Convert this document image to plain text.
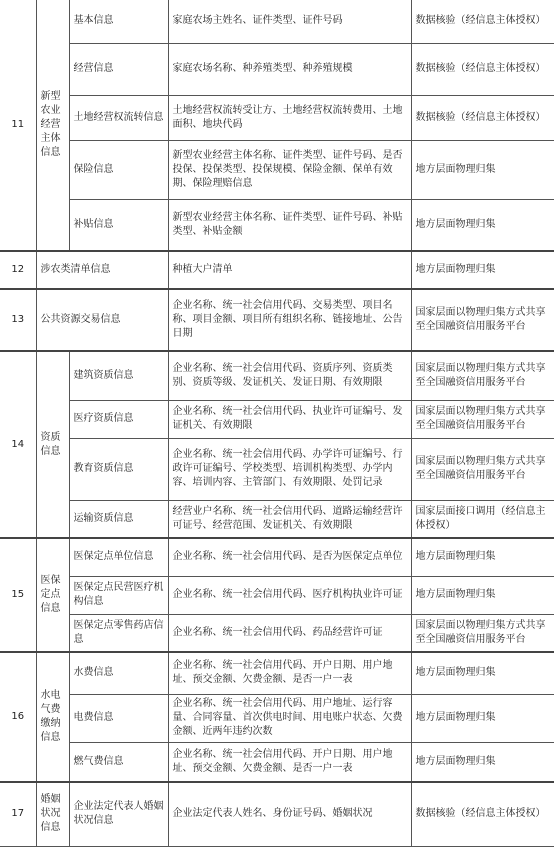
11	新型农业经营主体信息	基本信息	家庭农场主姓名、证件类型、证件号码	数据核验（经信息主体授权）
		经营信息	家庭农场名称、种养殖类型、种养殖规模	数据核验（经信息主体授权）
		土地经营权流转信息	土地经营权流转受让方、土地经营权流转费用、土地面积、地块代码	数据核验（经信息主体授权）
		保险信息	新型农业经营主体名称、证件类型、证件号码、是否投保、投保类型、投保规模、保险金额、保单有效期、保险理赔信息	地方层面物理归集
		补贴信息	新型农业经营主体名称、证件类型、证件号码、补贴类型、补贴金额	地方层面物理归集
12	涉农类清单信息		种植大户清单	地方层面物理归集
13	公共资源交易信息		企业名称、统一社会信用代码、交易类型、项目名称、项目金额、项目所有组织名称、链接地址、公告日期	国家层面以物理归集方式共享至全国融资信用服务平台
14	资质信息	建筑资质信息	企业名称、统一社会信用代码、资质序列、资质类别、资质等级、发证机关、发证日期、有效期限	国家层面以物理归集方式共享至全国融资信用服务平台
		医疗资质信息	企业名称、统一社会信用代码、执业许可证编号、发证机关、有效期限	国家层面以物理归集方式共享至全国融资信用服务平台
		教育资质信息	企业名称、统一社会信用代码、办学许可证编号、行政许可证编号、学校类型、培训机构类型、办学内容、培训内容、主管部门、有效期限、处罚记录	国家层面以物理归集方式共享至全国融资信用服务平台
		运输资质信息	经营业户名称、统一社会信用代码、道路运输经营许可证号、经营范围、发证机关、有效期限	国家层面接口调用（经信息主体授权）
15	医保定点信息	医保定点单位信息	企业名称、统一社会信用代码、是否为医保定点单位	地方层面物理归集
		医保定点民营医疗机构信息	企业名称、统一社会信用代码、医疗机构执业许可证	地方层面物理归集
		医保定点零售药店信息	企业名称、统一社会信用代码、药品经营许可证	国家层面以物理归集方式共享至全国融资信用服务平台
16	水电气费缴纳信息	水费信息	企业名称、统一社会信用代码、开户日期、用户地址、预交金额、欠费金额、是否一户一表	地方层面物理归集
		电费信息	企业名称、统一社会信用代码、用户地址、运行容量、合同容量、首次供电时间、用电账户状态、欠费金额、近两年违约次数	地方层面物理归集
		燃气费信息	企业名称、统一社会信用代码、开户日期、用户地址、预交金额、欠费金额、是否一户一表	地方层面物理归集
17	婚姻状况信息	企业法定代表人婚姻状况信息	企业法定代表人姓名、身份证号码、婚姻状况	数据核验（经信息主体授权）
